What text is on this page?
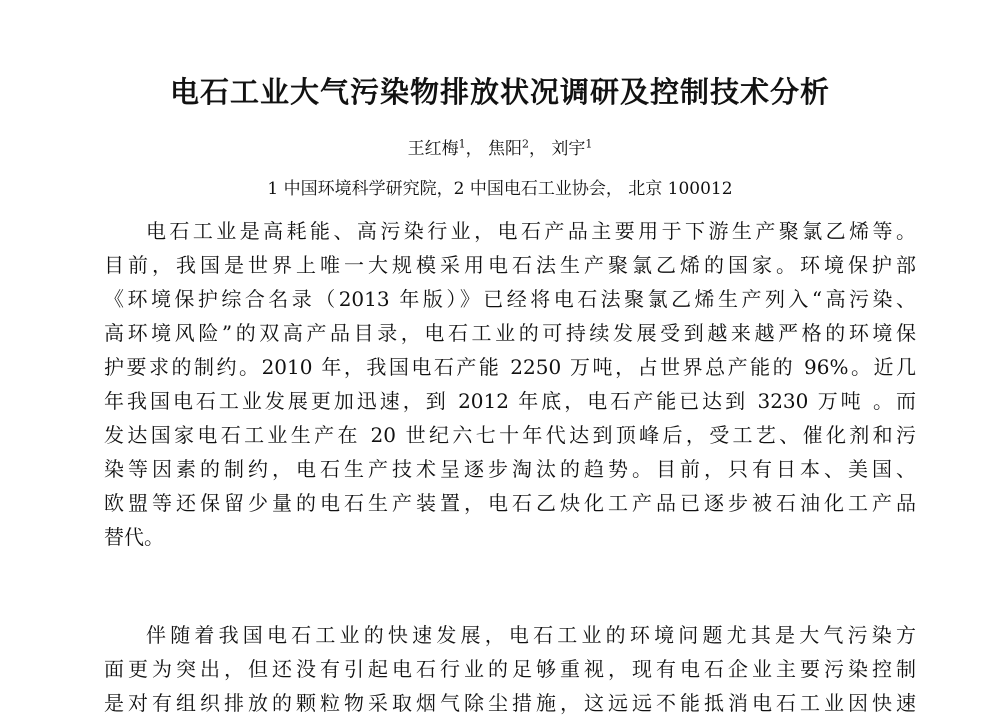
电石工业大气污染物排放状况调研及控制技术分析
王红梅$^1$， 焦阳$^2$， 刘宇$^1$
1 中国环境科学研究院，2 中国电石工业协会， 北京 100012
电石工业是高耗能、高污染行业，电石产品主要用于下游生产聚氯乙烯等。
目前，我国是世界上唯一大规模采用电石法生产聚氯乙烯的国家。环境保护部
《环境保护综合名录（2013 年版）》已经将电石法聚氯乙烯生产列入“高污染、
高环境风险”的双高产品目录，电石工业的可持续发展受到越来越严格的环境保
护要求的制约。2010 年，我国电石产能 2250 万吨，占世界总产能的 96%。近几
年我国电石工业发展更加迅速，到 2012 年底，电石产能已达到 3230 万吨 。而
发达国家电石工业生产在 20 世纪六七十年代达到顶峰后，受工艺、催化剂和污
染等因素的制约，电石生产技术呈逐步淘汰的趋势。目前，只有日本、美国、
欧盟等还保留少量的电石生产装置，电石乙炔化工产品已逐步被石油化工产品
替代。
伴随着我国电石工业的快速发展，电石工业的环境问题尤其是大气污染方
面更为突出，但还没有引起电石行业的足够重视，现有电石企业主要污染控制
是对有组织排放的颗粒物采取烟气除尘措施，这远远不能抵消电石工业因快速
